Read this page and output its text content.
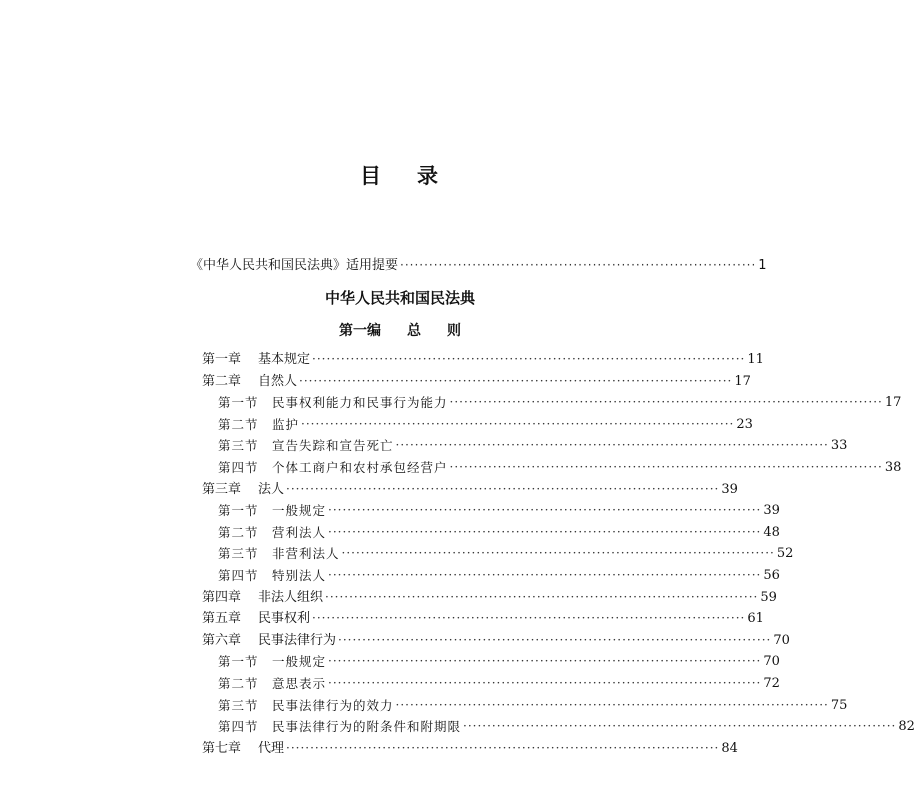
目 录
《中华人民共和国民法典》适用提要 ·········································································· 1
中华人民共和国民法典
第一编 总 则
第一章 基本规定 ·························································································· 11
第二章 自然人 ·························································································· 17
第一节 民事权利能力和民事行为能力 ·························································································· 17
第二节 监护 ·························································································· 23
第三节 宣告失踪和宣告死亡 ·························································································· 33
第四节 个体工商户和农村承包经营户 ·························································································· 38
第三章 法人 ·························································································· 39
第一节 一般规定 ·························································································· 39
第二节 营利法人 ·························································································· 48
第三节 非营利法人 ·························································································· 52
第四节 特别法人 ·························································································· 56
第四章 非法人组织 ·························································································· 59
第五章 民事权利 ·························································································· 61
第六章 民事法律行为 ·························································································· 70
第一节 一般规定 ·························································································· 70
第二节 意思表示 ·························································································· 72
第三节 民事法律行为的效力 ·························································································· 75
第四节 民事法律行为的附条件和附期限 ·························································································· 82
第七章 代理 ·························································································· 84
